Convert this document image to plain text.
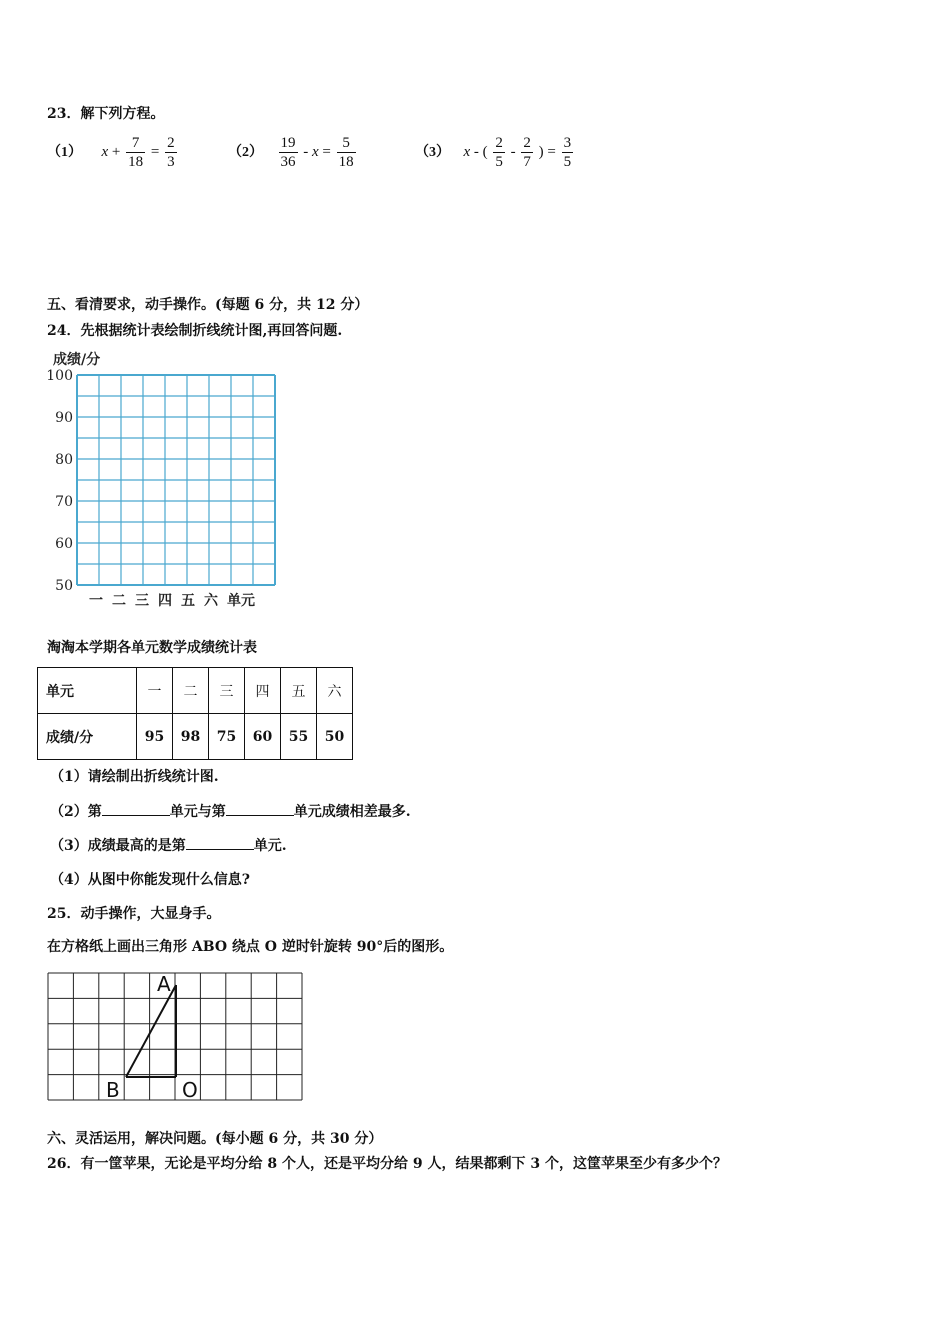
23．解下列方程。
（1） $x + \frac{7}{18} = \frac{2}{3}$	$(2) \frac{19}{36} - x = \frac{5}{18}$	（3） x - ( $\frac{2}{5} - \frac{2}{7}$ ) = $\frac{3}{5}$
五、看清要求，动手操作。(每题 6 分，共 12 分）
24．先根据统计表绘制折线统计图,再回答问题.
成绩/分
100
90
80
70
60
50
一 二 三 四 五 六 单元
淘淘本学期各单元数学成绩统计表
单元	一	二	三	四	五	六
成绩/分	95	98	75	60	55	50
（1）请绘制出折线统计图.
（2）第	单元与第	单元成绩相差最多.
（3）成绩最高的是第	单元.
（4）从图中你能发现什么信息?
25．动手操作，大显身手。
在方格纸上画出三角形 ABO 绕点 O 逆时针旋转 90°后的图形。
A
B	O
六、灵活运用，解决问题。(每小题 6 分，共 30 分）
26．有一筐苹果，无论是平均分给 8 个人，还是平均分给 9 人，结果都剩下 3 个，这筐苹果至少有多少个？
